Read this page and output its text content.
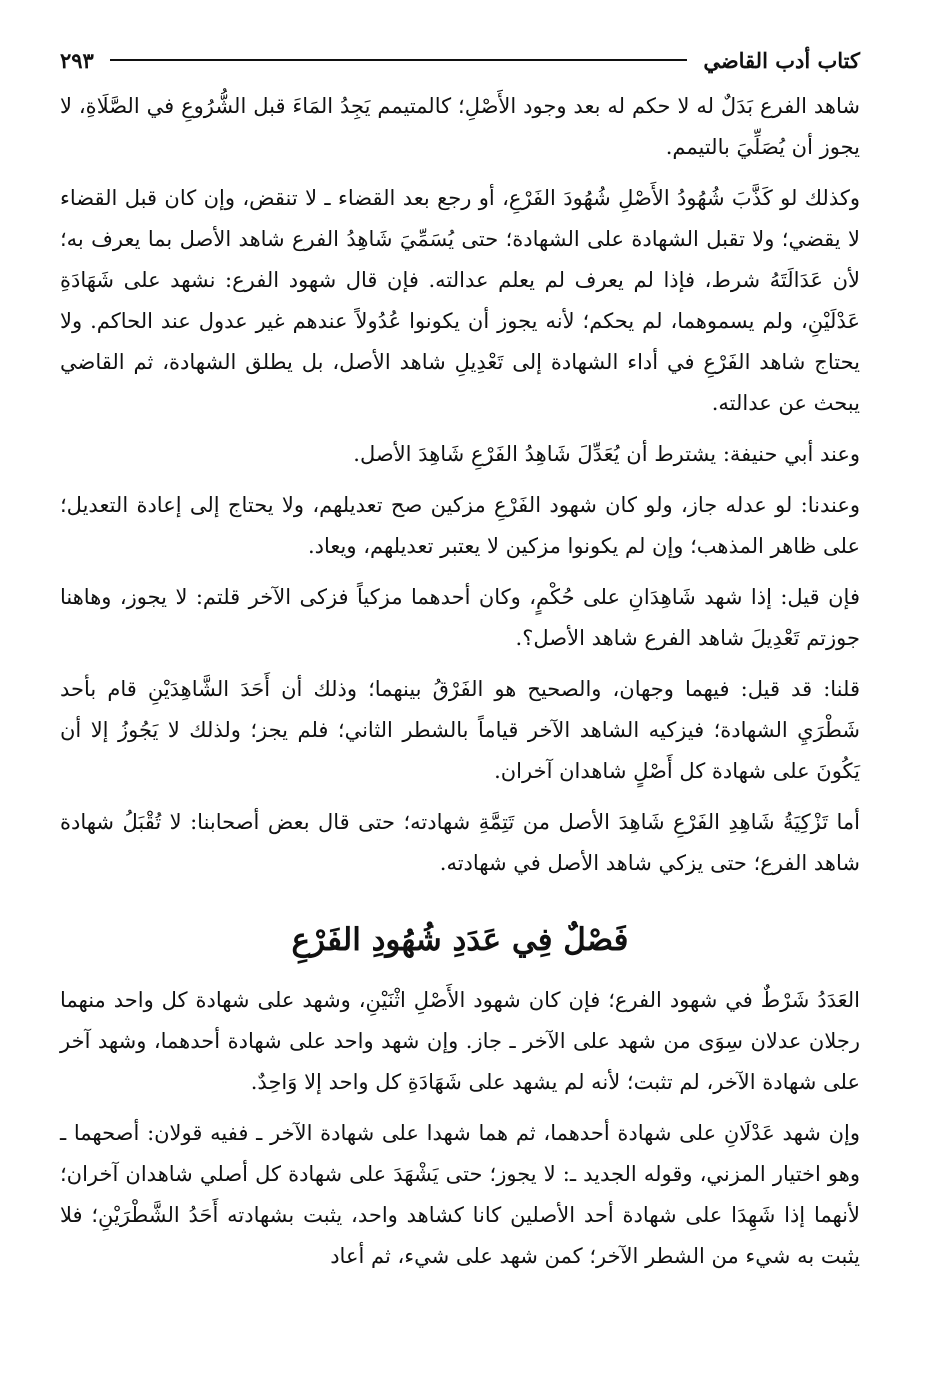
كتاب أدب القاضي
٢٩٣

شاهد الفرع بَدَلٌ له لا حكم له بعد وجود الأَصْلِ؛ كالمتيمم يَجِدُ المَاءَ قبل الشُّرُوعِ في الصَّلَاةِ، لا يجوز أن يُصَلِّيَ بالتيمم.

وكذلك لو كَذَّبَ شُهُودُ الأَصْلِ شُهُودَ الفَرْعِ، أو رجع بعد القضاء ـ لا تنقض، وإن كان قبل القضاء لا يقضي؛ ولا تقبل الشهادة على الشهادة؛ حتى يُسَمِّيَ شَاهِدُ الفرع شاهد الأصل بما يعرف به؛ لأن عَدَالَتَهُ شرط، فإذا لم يعرف لم يعلم عدالته. فإن قال شهود الفرع: نشهد على شَهَادَةِ عَدْلَيْنِ، ولم يسموهما، لم يحكم؛ لأنه يجوز أن يكونوا عُدُولاً عندهم غير عدول عند الحاكم. ولا يحتاج شاهد الفَرْعِ في أداء الشهادة إلى تَعْدِيلِ شاهد الأصل، بل يطلق الشهادة، ثم القاضي يبحث عن عدالته.

وعند أبي حنيفة: يشترط أن يُعَدِّلَ شَاهِدُ الفَرْعِ شَاهِدَ الأصل.

وعندنا: لو عدله جاز، ولو كان شهود الفَرْعِ مزكين صح تعديلهم، ولا يحتاج إلى إعادة التعديل؛ على ظاهر المذهب؛ وإن لم يكونوا مزكين لا يعتبر تعديلهم، ويعاد.

فإن قيل: إذا شهد شَاهِدَانِ على حُكْمٍ، وكان أحدهما مزكياً فزكى الآخر قلتم: لا يجوز، وهاهنا جوزتم تَعْدِيلَ شاهد الفرع شاهد الأصل؟.

قلنا: قد قيل: فيهما وجهان، والصحيح هو الفَرْقُ بينهما؛ وذلك أن أَحَدَ الشَّاهِدَيْنِ قام بأحد شَطْرَيِ الشهادة؛ فيزكيه الشاهد الآخر قياماً بالشطر الثاني؛ فلم يجز؛ ولذلك لا يَجُوزُ إلا أن يَكُونَ على شهادة كل أَصْلٍ شاهدان آخران.

أما تَزْكِيَةُ شَاهِدِ الفَرْعِ شَاهِدَ الأصل من تَتِمَّةِ شهادته؛ حتى قال بعض أصحابنا: لا تُقْبَلُ شهادة شاهد الفرع؛ حتى يزكي شاهد الأصل في شهادته.

فَصْلٌ فِي عَدَدِ شُهُودِ الفَرْعِ

العَدَدُ شَرْطٌ في شهود الفرع؛ فإن كان شهود الأَصْلِ اثْنَيْنِ، وشهد على شهادة كل واحد منهما رجلان عدلان سِوَى من شهد على الآخر ـ جاز. وإن شهد واحد على شهادة أحدهما، وشهد آخر على شهادة الآخر، لم تثبت؛ لأنه لم يشهد على شَهَادَةِ كل واحد إلا وَاحِدٌ.

وإن شهد عَدْلَانِ على شهادة أحدهما، ثم هما شهدا على شهادة الآخر ـ ففيه قولان: أصحهما ـ وهو اختيار المزني، وقوله الجديد ـ: لا يجوز؛ حتى يَشْهَدَ على شهادة كل أصلي شاهدان آخران؛ لأنهما إذا شَهِدَا على شهادة أحد الأصلين كانا كشاهد واحد، يثبت بشهادته أَحَدُ الشَّطْرَيْنِ؛ فلا يثبت به شيء من الشطر الآخر؛ كمن شهد على شيء، ثم أعاد
